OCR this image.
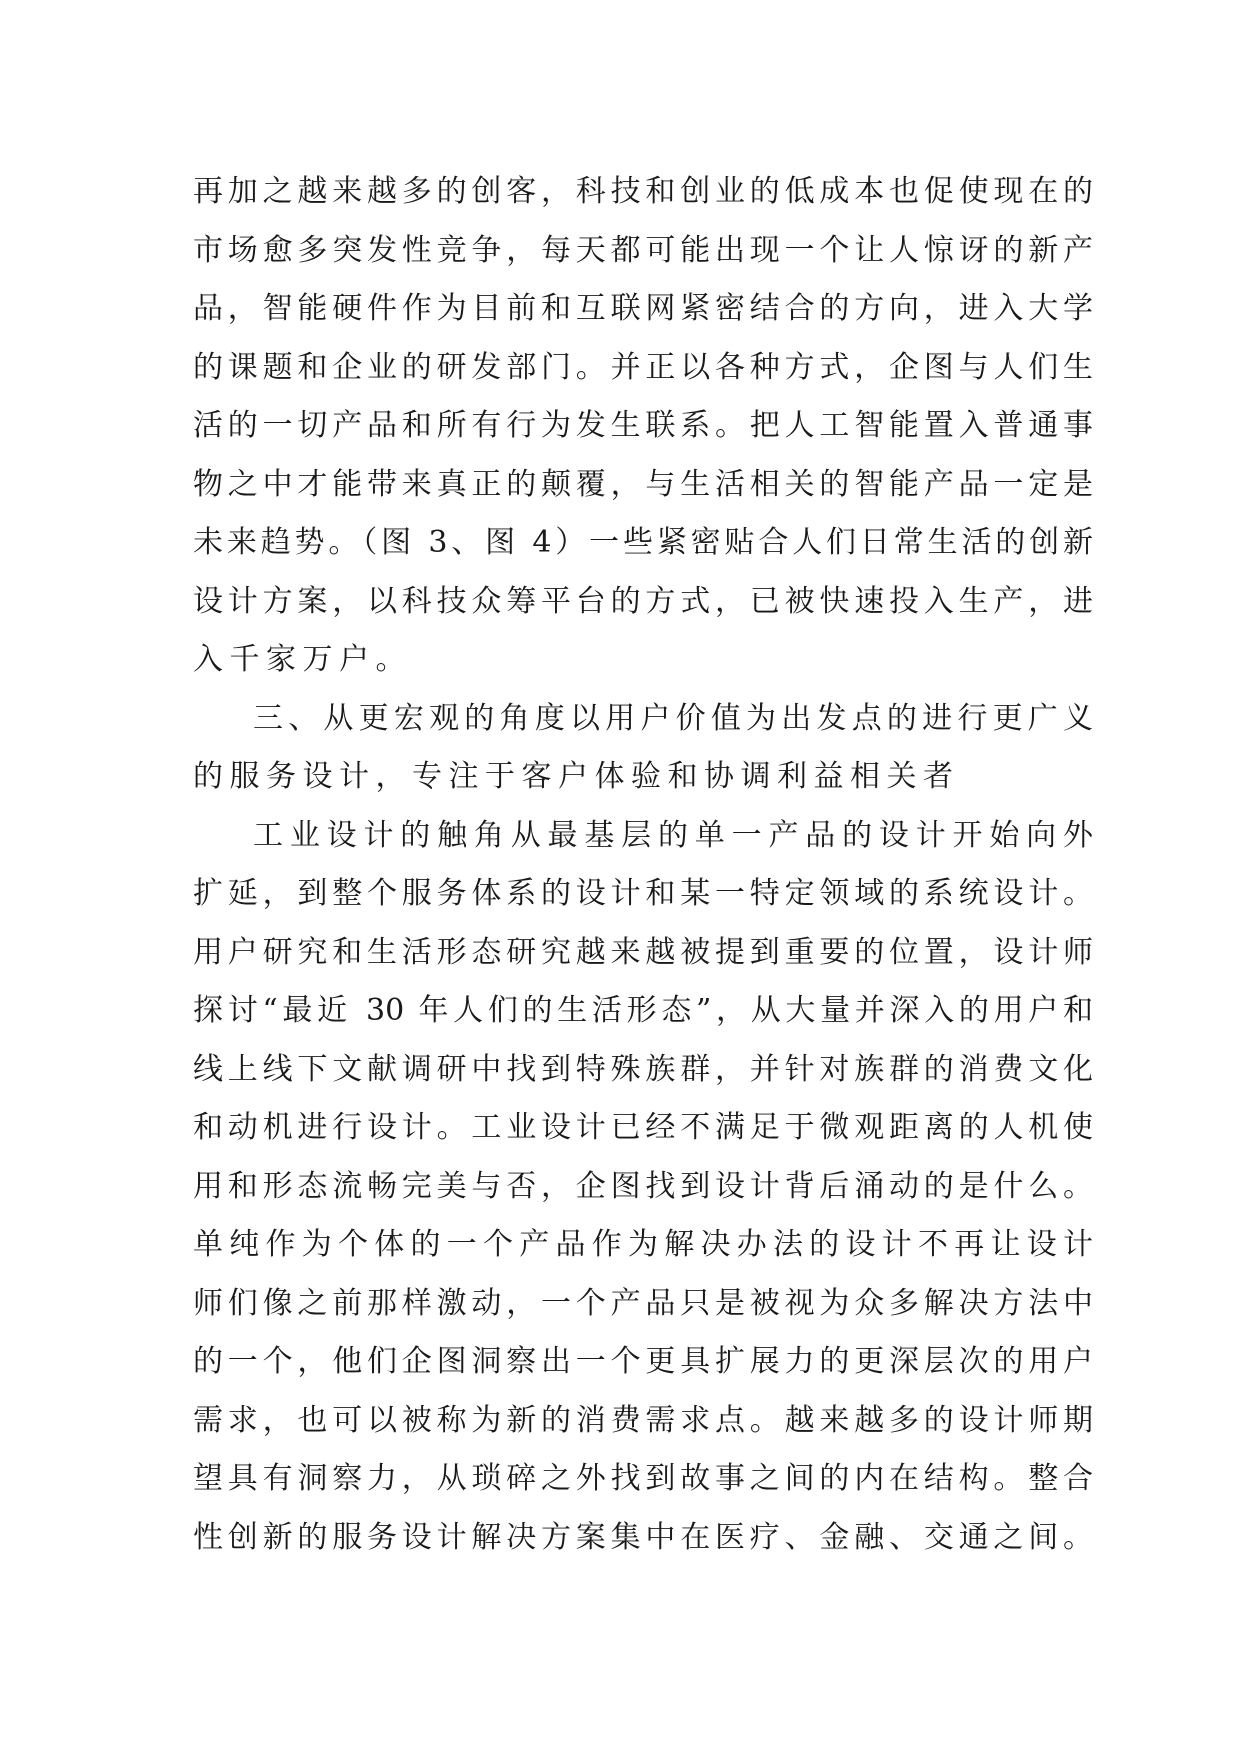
再加之越来越多的创客，科技和创业的低成本也促使现在的
市场愈多突发性竞争，每天都可能出现一个让人惊讶的新产
品，智能硬件作为目前和互联网紧密结合的方向，进入大学
的课题和企业的研发部门。并正以各种方式，企图与人们生
活的一切产品和所有行为发生联系。把人工智能置入普通事
物之中才能带来真正的颠覆，与生活相关的智能产品一定是
未来趋势。（图 3、图 4）一些紧密贴合人们日常生活的创新
设计方案，以科技众筹平台的方式，已被快速投入生产，进
入千家万户。
三、从更宏观的角度以用户价值为出发点的进行更广义
的服务设计，专注于客户体验和协调利益相关者
工业设计的触角从最基层的单一产品的设计开始向外
扩延，到整个服务体系的设计和某一特定领域的系统设计。
用户研究和生活形态研究越来越被提到重要的位置，设计师
探讨“最近 30 年人们的生活形态”，从大量并深入的用户和
线上线下文献调研中找到特殊族群，并针对族群的消费文化
和动机进行设计。工业设计已经不满足于微观距离的人机使
用和形态流畅完美与否，企图找到设计背后涌动的是什么。
单纯作为个体的一个产品作为解决办法的设计不再让设计
师们像之前那样激动，一个产品只是被视为众多解决方法中
的一个，他们企图洞察出一个更具扩展力的更深层次的用户
需求，也可以被称为新的消费需求点。越来越多的设计师期
望具有洞察力，从琐碎之外找到故事之间的内在结构。整合
性创新的服务设计解决方案集中在医疗、金融、交通之间。
